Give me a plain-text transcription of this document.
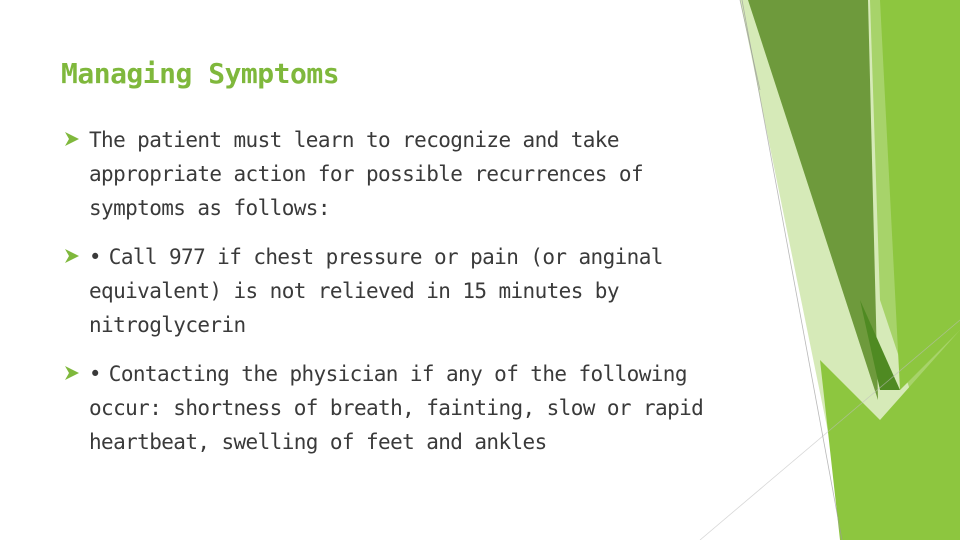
Managing Symptoms
The patient must learn to recognize and take appropriate action for possible recurrences of symptoms as follows:
• Call 977 if chest pressure or pain (or anginal equivalent) is not relieved in 15 minutes by nitroglycerin
• Contacting the physician if any of the following occur: shortness of breath, fainting, slow or rapid heartbeat, swelling of feet and ankles
